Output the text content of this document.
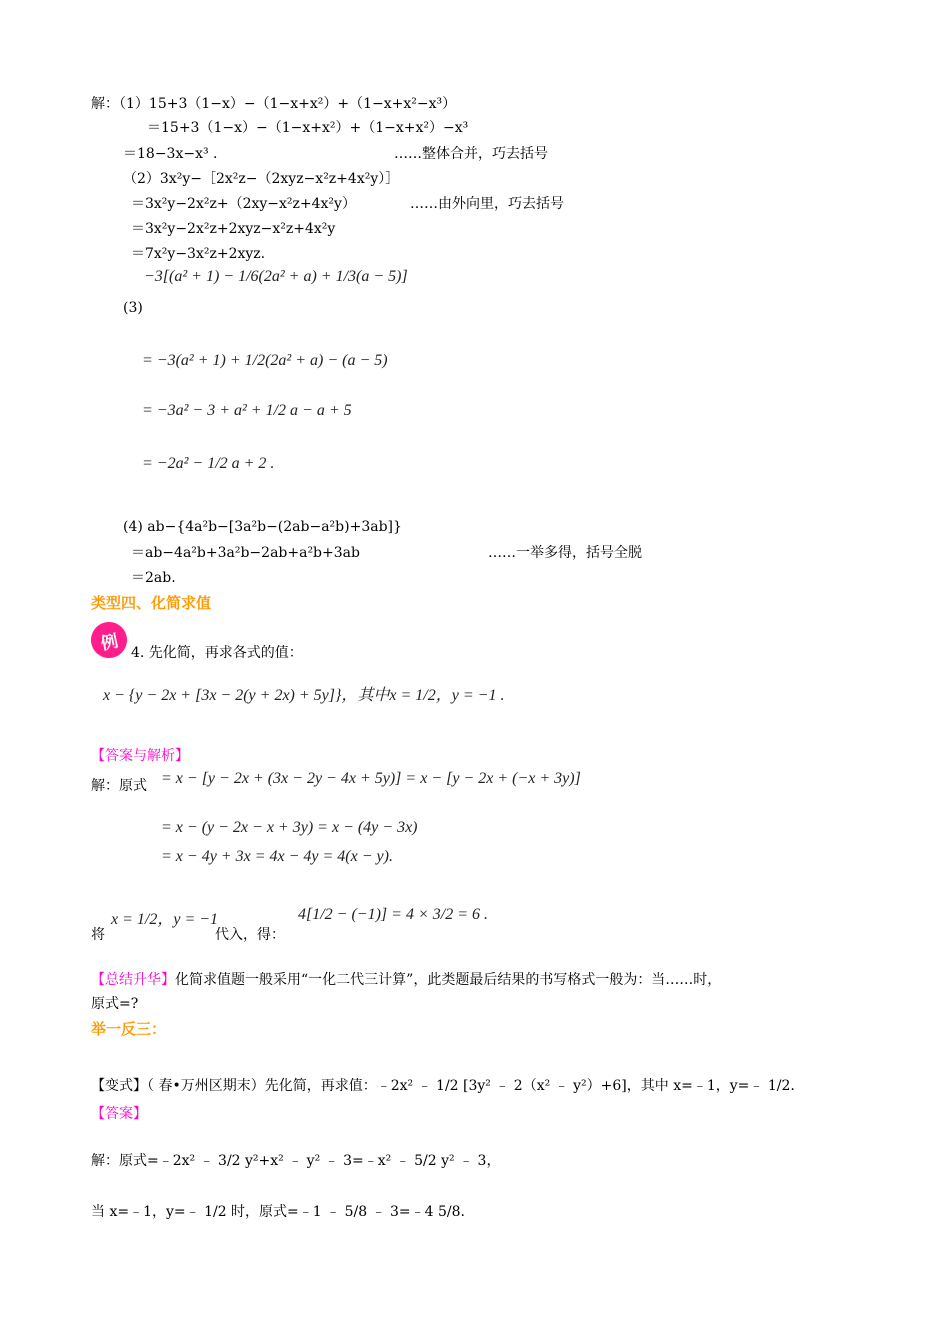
解：（1）15+3（1−x）−（1−x+x²）+（1−x+x²−x³）
＝15+3（1−x）−（1−x+x²）+（1−x+x²）−x³
＝18−3x−x³ .	……整体合并，巧去括号
（2）3x²y−［2x²z−（2xyz−x²z+4x²y）］
＝3x²y−2x²z+（2xy−x²z+4x²y）	……由外向里，巧去括号
＝3x²y−2x²z+2xyz−x²z+4x²y
＝7x²y−3x²z+2xyz.
−3[(a² + 1) − 1/6(2a² + a) + 1/3(a − 5)]
(3)
= −3(a² + 1) + 1/2(2a² + a) − (a − 5)
= −3a² − 3 + a² + 1/2 a − a + 5
= −2a² − 1/2 a + 2 .
(4) ab−{4a²b−[3a²b−(2ab−a²b)+3ab]}
＝ab−4a²b+3a²b−2ab+a²b+3ab	……一举多得，括号全脱
＝2ab.
类型四、化简求值
例 4. 先化简，再求各式的值：
x − {y − 2x + [3x − 2(y + 2x) + 5y]}，其中x = 1/2，y = −1 .
【答案与解析】
解：原式 = x − [y − 2x + (3x − 2y − 4x + 5y)] = x − [y − 2x + (−x + 3y)]
= x − (y − 2x − x + 3y) = x − (4y − 3x)
= x − 4y + 3x = 4x − 4y = 4(x − y).
将
x = 1/2，y = −1
代入，得：
4[1/2 − (−1)] = 4 × 3/2 = 6 .
【总结升华】化简求值题一般采用“一化二代三计算”，此类题最后结果的书写格式一般为：当……时，
原式=?
举一反三：
【变式】（ 春•万州区期末）先化简，再求值：﹣2x² ﹣ 1/2 [3y² ﹣ 2（x² ﹣ y²）+6]，其中 x=﹣1，y=﹣ 1/2.
【答案】
解：原式=﹣2x² ﹣ 3/2 y²+x² ﹣ y² ﹣ 3=﹣x² ﹣ 5/2 y² ﹣ 3，
当 x=﹣1，y=﹣ 1/2 时，原式=﹣1 ﹣ 5/8 ﹣ 3=﹣4 5/8.
